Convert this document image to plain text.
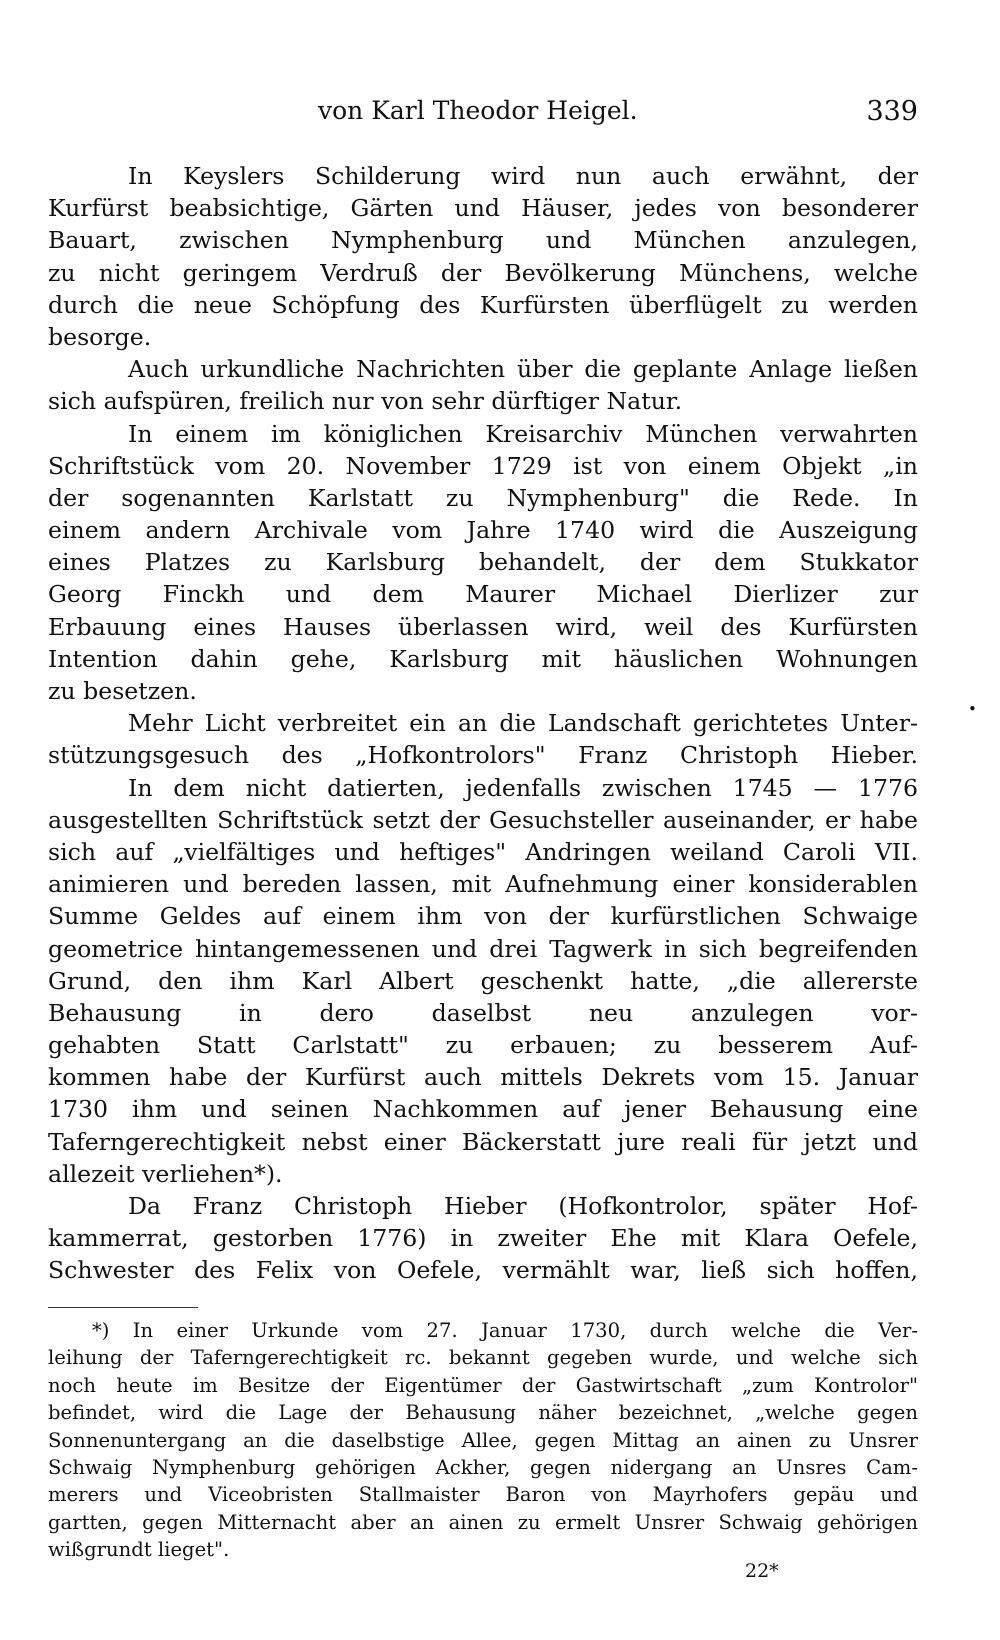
von Karl Theodor Heigel.	339
In Keyslers Schilderung wird nun auch erwähnt, der
Kurfürst beabsichtige, Gärten und Häuser, jedes von besonderer
Bauart, zwischen Nymphenburg und München anzulegen,
zu nicht geringem Verdruß der Bevölkerung Münchens, welche
durch die neue Schöpfung des Kurfürsten überflügelt zu werden
besorge.
Auch urkundliche Nachrichten über die geplante Anlage ließen
sich aufspüren, freilich nur von sehr dürftiger Natur.
In einem im königlichen Kreisarchiv München verwahrten
Schriftstück vom 20. November 1729 ist von einem Objekt „in
der sogenannten Karlstatt zu Nymphenburg" die Rede. In
einem andern Archivale vom Jahre 1740 wird die Auszeigung
eines Platzes zu Karlsburg behandelt, der dem Stukkator
Georg Finckh und dem Maurer Michael Dierlizer zur
Erbauung eines Hauses überlassen wird, weil des Kurfürsten
Intention dahin gehe, Karlsburg mit häuslichen Wohnungen
zu besetzen.
Mehr Licht verbreitet ein an die Landschaft gerichtetes Unter-
stützungsgesuch des „Hofkontrolors" Franz Christoph Hieber.
In dem nicht datierten, jedenfalls zwischen 1745 — 1776
ausgestellten Schriftstück setzt der Gesuchsteller auseinander, er habe
sich auf „vielfältiges und heftiges" Andringen weiland Caroli VII.
animieren und bereden lassen, mit Aufnehmung einer konsiderablen
Summe Geldes auf einem ihm von der kurfürstlichen Schwaige
geometrice hintangemessenen und drei Tagwerk in sich begreifenden
Grund, den ihm Karl Albert geschenkt hatte, „die allererste
Behausung in dero daselbst neu anzulegen vor-
gehabten Statt Carlstatt" zu erbauen; zu besserem Auf-
kommen habe der Kurfürst auch mittels Dekrets vom 15. Januar
1730 ihm und seinen Nachkommen auf jener Behausung eine
Taferngerechtigkeit nebst einer Bäckerstatt jure reali für jetzt und
allezeit verliehen*).
Da Franz Christoph Hieber (Hofkontrolor, später Hof-
kammerrat, gestorben 1776) in zweiter Ehe mit Klara Oefele,
Schwester des Felix von Oefele, vermählt war, ließ sich hoffen,
*) In einer Urkunde vom 27. Januar 1730, durch welche die Ver-
leihung der Taferngerechtigkeit rc. bekannt gegeben wurde, und welche sich
noch heute im Besitze der Eigentümer der Gastwirtschaft „zum Kontrolor"
befindet, wird die Lage der Behausung näher bezeichnet, „welche gegen
Sonnenuntergang an die daselbstige Allee, gegen Mittag an ainen zu Unsrer
Schwaig Nymphenburg gehörigen Ackher, gegen nidergang an Unsres Cam-
merers und Viceobristen Stallmaister Baron von Mayrhofers gepäu und
gartten, gegen Mitternacht aber an ainen zu ermelt Unsrer Schwaig gehörigen
wißgrundt lieget".
22*
•
